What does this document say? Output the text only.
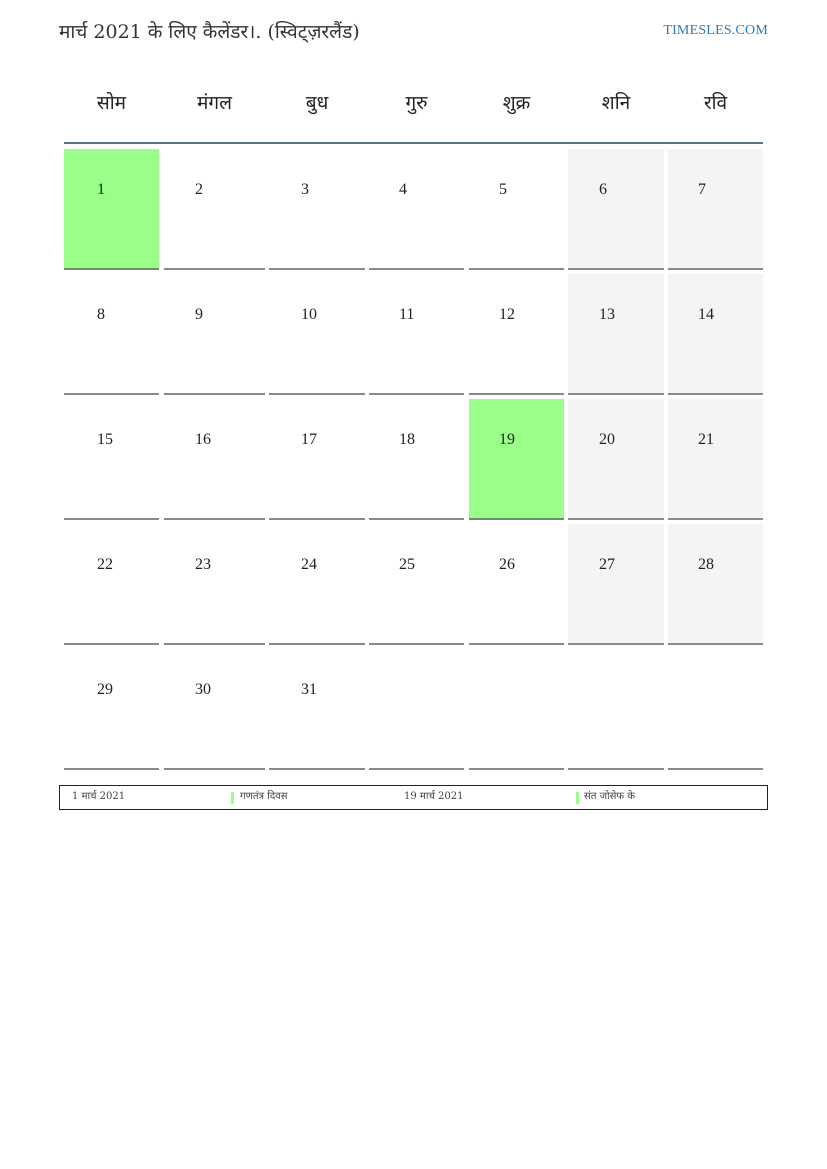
मार्च 2021 के लिए कैलेंडर।. (स्विट्ज़रलैंड)	TIMESLES.COM
सोम	मंगल	बुध	गुरु	शुक्र	शनि	रवि
1	2	3	4	5	6	7
8	9	10	11	12	13	14
15	16	17	18	19	20	21
22	23	24	25	26	27	28
29	30	31
1 मार्च 2021	गणतंत्र दिवस	19 मार्च 2021	संत जोसेफ के
